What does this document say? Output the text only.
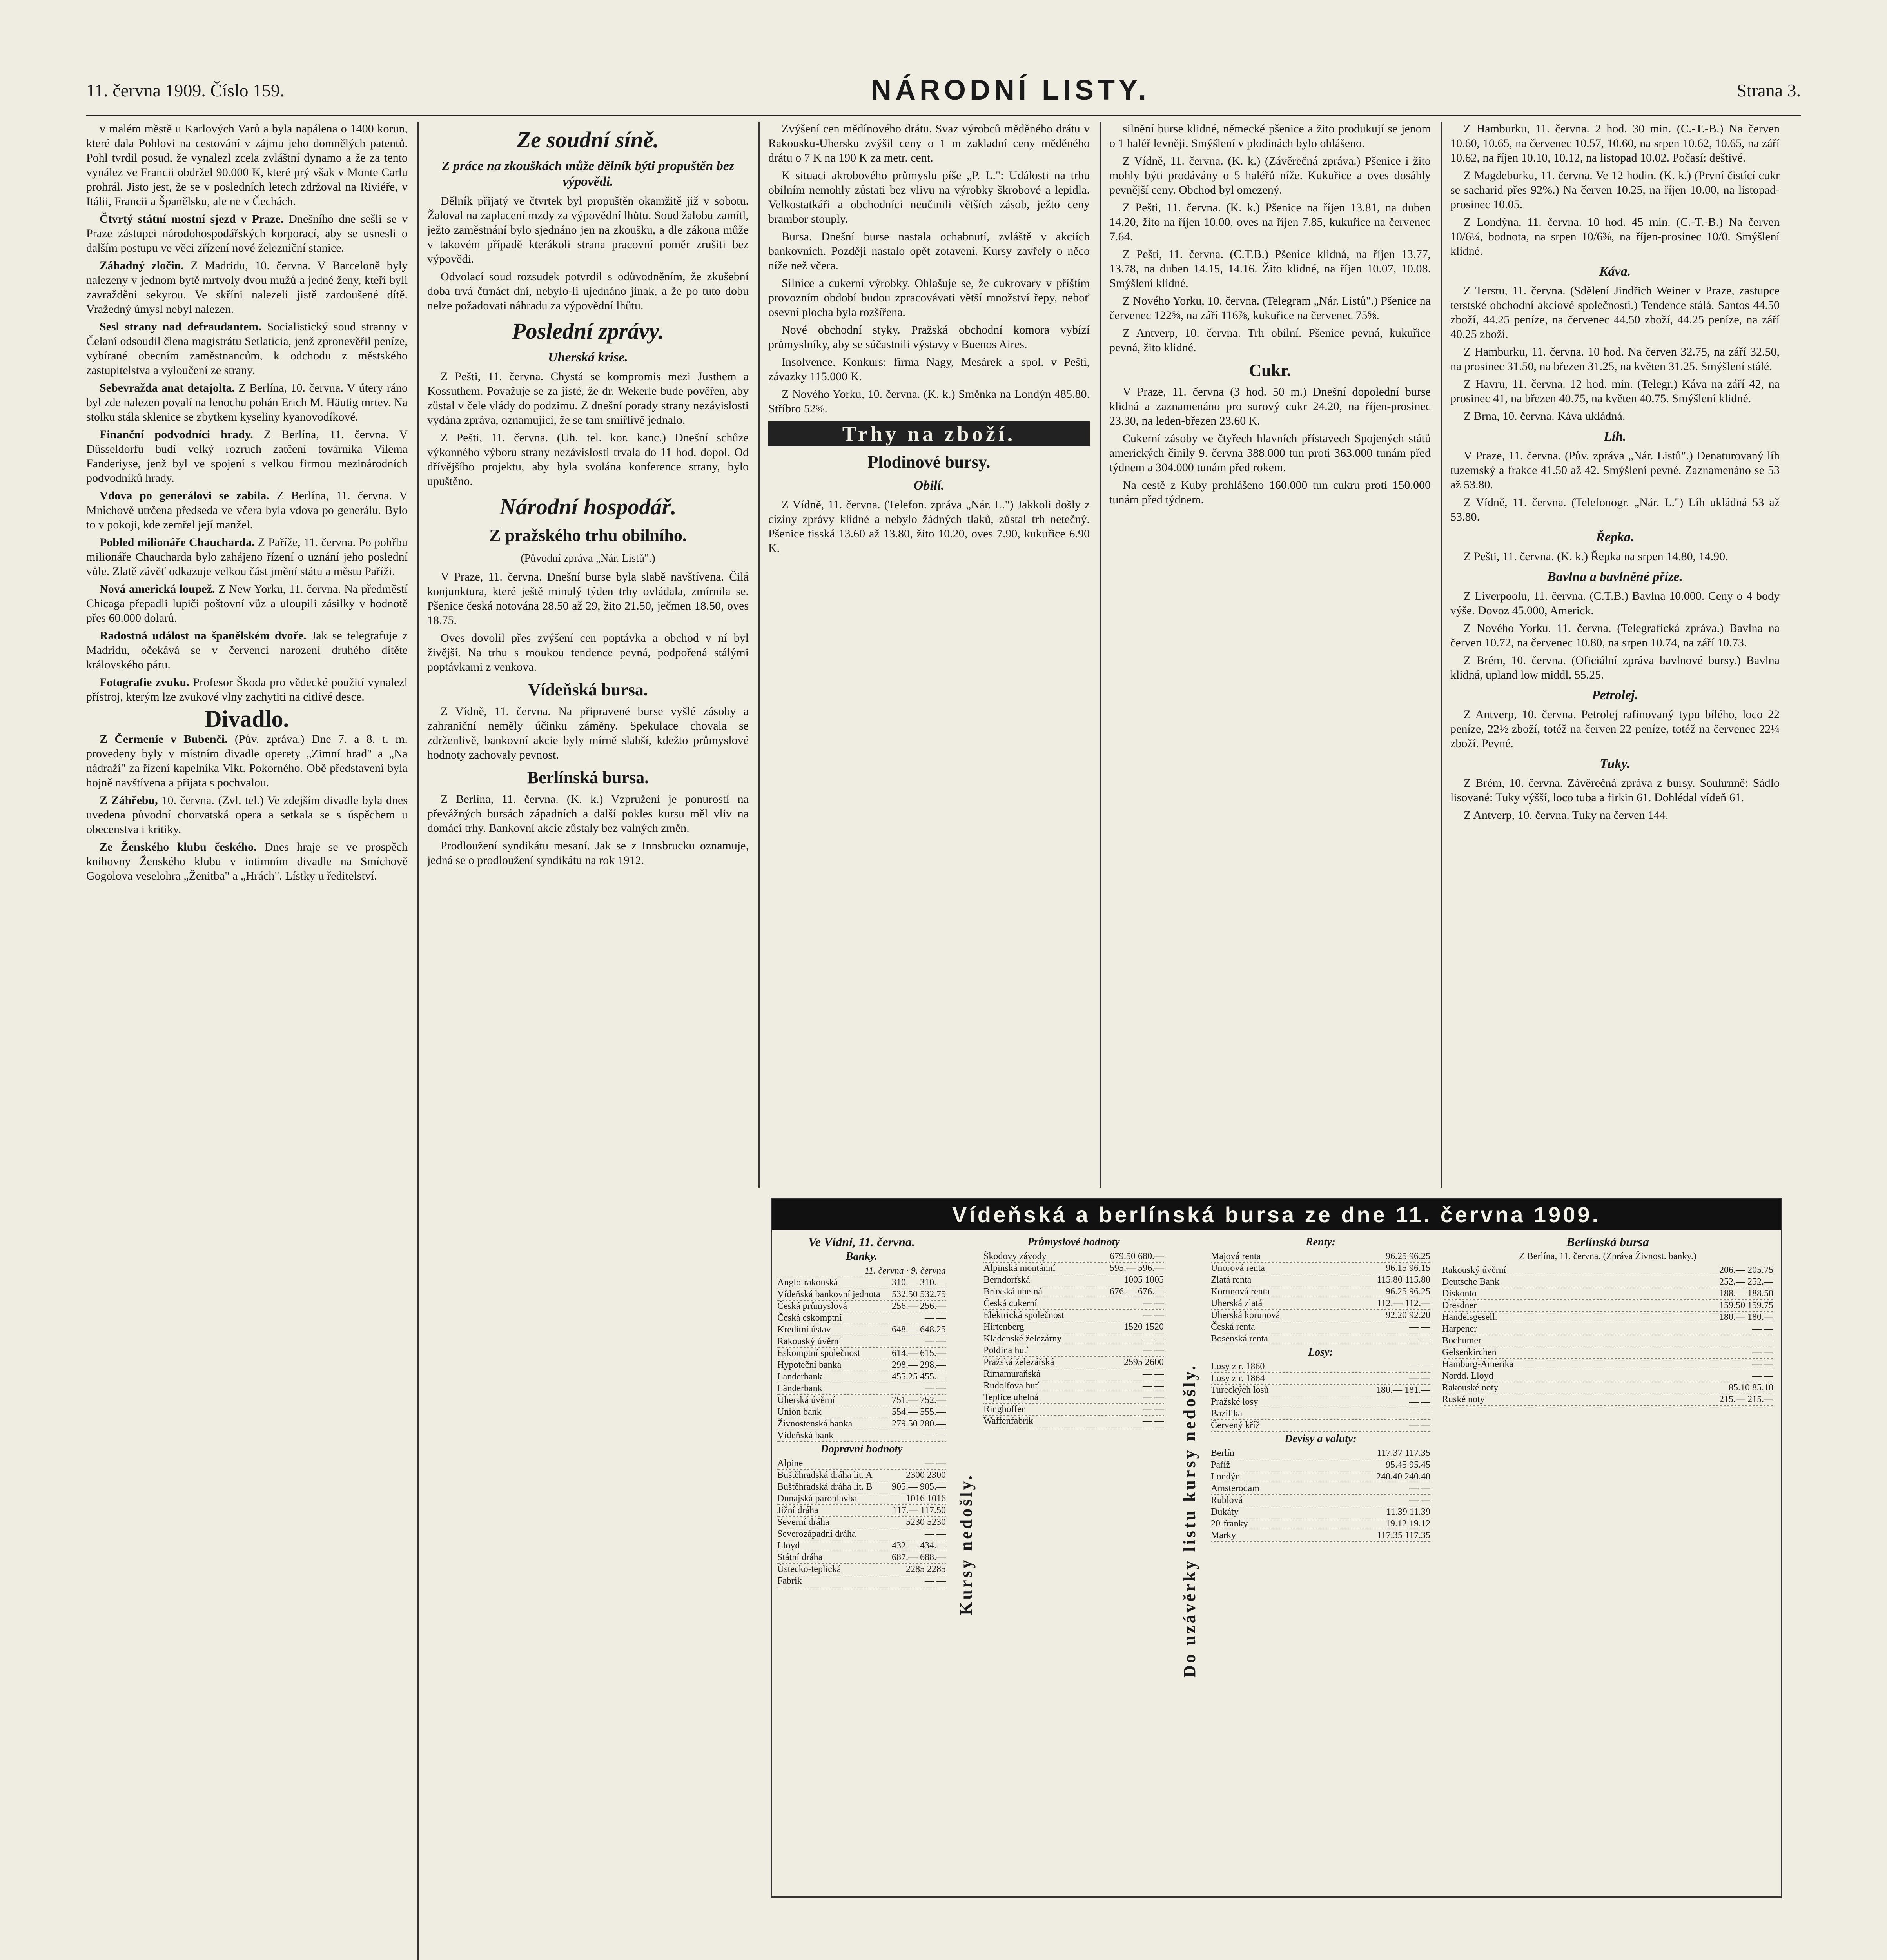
11. června 1909. Číslo 159.	NÁRODNÍ LISTY.	Strana 3.

v malém městě u Karlových Varů a byla napálena o 1400 korun, které dala Pohlovi na cestování v zájmu jeho domnělých patentů. Pohl tvrdil posud, že vynalezl zcela zvláštní dynamo a že za tento vynález ve Francii obdržel 90.000 K, které prý však v Monte Carlu prohrál. Jisto jest, že se v posledních letech zdržoval na Riviéře, v Itálii, Francii a Španělsku, ale ne v Čechách.

Čtvrtý státní mostní sjezd v Praze. Dnešního dne sešli se v Praze zástupci národohospodářských korporací, aby se usnesli o dalším postupu ve věci zřízení nové železniční stanice.

Záhadný zločin. Z Madridu, 10. června. V Barceloně byly nalezeny v jednom bytě mrtvoly dvou mužů a jedné ženy, kteří byli zavražděni sekyrou. Ve skříni nalezeli jistě zardoušené dítě. Vražedný úmysl nebyl nalezen.

Sesl strany nad defraudantem. Socialistický soud stranny v Čelaní odsoudil člena magistrátu Setlaticia, jenž zpronevěřil peníze, vybírané obecním zaměstnancům, k odchodu z městského zastupitelstva a vyloučení ze strany.

Sebevražda anat detajolta. Z Berlína, 10. června. V útery ráno byl zde nalezen povalí na lenochu pohán Erich M. Häutig mrtev. Na stolku stála sklenice se zbytkem kyseliny kyanovodíkové.

Finanční podvodníci hrady. Z Berlína, 11. června. V Düsseldorfu budí velký rozruch zatčení továrníka Vilema Fanderiyse, jenž byl ve spojení s velkou firmou mezinárodních podvodníků hrady.

Vdova po generálovi se zabila. Z Berlína, 11. června. V Mnichově utrčena předseda ve včera byla vdova po generálu. Bylo to v pokoji, kde zemřel její manžel.

Pobled milionáře Chaucharda. Z Paříže, 11. června. Po pohřbu milionáře Chaucharda bylo zahájeno řízení o uznání jeho poslední vůle. Zlatě závěť odkazuje velkou část jmění státu a městu Paříži.

Nová americká loupež. Z New Yorku, 11. června. Na předměstí Chicaga přepadli lupiči poštovní vůz a uloupili zásilky v hodnotě přes 60.000 dolarů.

Radostná událost na španělském dvoře. Jak se telegrafuje z Madridu, očekává se v červenci narození druhého dítěte královského páru.

Fotografie zvuku. Profesor Škoda pro vědecké použití vynalezl přístroj, kterým lze zvukové vlny zachytiti na citlivé desce.

Divadlo.

Z Čermenie v Bubenči. (Pův. zpráva.) Dne 7. a 8. t. m. provedeny byly v místním divadle operety „Zimní hrad" a „Na nádraží" za řízení kapelníka Vikt. Pokorného. Obě představení byla hojně navštívena a přijata s pochvalou.

Z Záhřebu, 10. června. (Zvl. tel.) Ve zdejším divadle byla dnes uvedena původní chorvatská opera a setkala se s úspěchem u obecenstva i kritiky.

Ze Ženského klubu českého. Dnes hraje se ve prospěch knihovny Ženského klubu v intimním divadle na Smíchově Gogolova veselohra „Ženitba" a „Hrách". Lístky u ředitelství.

Ze soudní síně.
Z práce na zkouškách může dělník býti propuštěn bez výpovědi.

Dělník přijatý ve čtvrtek byl propuštěn okamžitě již v sobotu. Žaloval na zaplacení mzdy za výpovědní lhůtu. Soud žalobu zamítl, ježto zaměstnání bylo sjednáno jen na zkoušku, a dle zákona může v takovém případě kterákoli strana pracovní poměr zrušiti bez výpovědi.

Odvolací soud rozsudek potvrdil s odůvodněním, že zkušební doba trvá čtrnáct dní, nebylo-li ujednáno jinak, a že po tuto dobu nelze požadovati náhradu za výpovědní lhůtu.

Poslední zprávy.
Uherská krise.

Z Pešti, 11. června. Chystá se kompromis mezi Justhem a Kossuthem. Považuje se za jisté, že dr. Wekerle bude pověřen, aby zůstal v čele vlády do podzimu. Z dnešní porady strany nezávislosti vydána zpráva, oznamující, že se tam smířlivě jednalo.

Z Pešti, 11. června. (Uh. tel. kor. kanc.) Dnešní schůze výkonného výboru strany nezávislosti trvala do 11 hod. dopol. Od dřívějšího projektu, aby byla svolána konference strany, bylo upuštěno.

Národní hospodář.
Z pražského trhu obilního.
(Původní zpráva „Nár. Listů".)

V Praze, 11. června. Dnešní burse byla slabě navštívena. Čilá konjunktura, které ještě minulý týden trhy ovládala, zmírnila se. Pšenice česká notována 28.50 až 29, žito 21.50, ječmen 18.50, oves 18.75.

Oves dovolil přes zvýšení cen poptávka a obchod v ní byl živější. Na trhu s moukou tendence pevná, podpořená stálými poptávkami z venkova.

Vídeňská bursa.

Z Vídně, 11. června. Na připravené burse vyšlé zásoby a zahraniční neměly účinku záměny. Spekulace chovala se zdrženlivě, bankovní akcie byly mírně slabší, kdežto průmyslové hodnoty zachovaly pevnost.

Berlínská bursa.

Z Berlína, 11. června. (K. k.) Vzpruženi je ponurostí na převážných bursách západních a další pokles kursu měl vliv na domácí trhy. Bankovní akcie zůstaly bez valných změn.

Prodloužení syndikátu mesaní. Jak se z Innsbrucku oznamuje, jedná se o prodloužení syndikátu na rok 1912.

Zvýšení cen mědínového drátu. Svaz výrobců měděného drátu v Rakousku-Uhersku zvýšil ceny o 1 m zakladní ceny měděného drátu o 7 K na 190 K za metr. cent.

K situaci akrobového průmyslu píše „P. L.": Události na trhu obilním nemohly zůstati bez vlivu na výrobky škrobové a lepidla. Velkostatkáři a obchodníci neučinili větších zásob, ježto ceny brambor stouply.

Bursa. Dnešní burse nastala ochabnutí, zvláště v akciích bankovních. Později nastalo opět zotavení. Kursy zavřely o něco níže než včera.

Silnice a cukerní výrobky. Ohlašuje se, že cukrovary v příštím provozním období budou zpracovávati větší množství řepy, neboť osevní plocha byla rozšířena.

Nové obchodní styky. Pražská obchodní komora vybízí průmyslníky, aby se súčastnili výstavy v Buenos Aires.

Insolvence. Konkurs: firma Nagy, Mesárek a spol. v Pešti, závazky 115.000 K.

Z Nového Yorku, 10. června. (K. k.) Směnka na Londýn 485.80. Stříbro 52⅝.

Trhy na zboží.
Plodinové bursy.
Obilí.

Z Vídně, 11. června. (Telefon. zpráva „Nár. L.") Jakkoli došly z ciziny zprávy klidné a nebylo žádných tlaků, zůstal trh netečný. Pšenice tisská 13.60 až 13.80, žito 10.20, oves 7.90, kukuřice 6.90 K.

silnění burse klidné, německé pšenice a žito produkují se jenom o 1 haléř levněji. Smýšlení v plodinách bylo ohlášeno.

Z Vídně, 11. června. (K. k.) (Závěrečná zpráva.) Pšenice i žito mohly býti prodávány o 5 haléřů níže. Kukuřice a oves dosáhly pevnější ceny. Obchod byl omezený.

Z Pešti, 11. června. (K. k.) Pšenice na říjen 13.81, na duben 14.20, žito na říjen 10.00, oves na říjen 7.85, kukuřice na červenec 7.64.

Z Pešti, 11. června. (C.T.B.) Pšenice klidná, na říjen 13.77, 13.78, na duben 14.15, 14.16. Žito klidné, na říjen 10.07, 10.08. Smýšlení klidné.

Z Nového Yorku, 10. června. (Telegram „Nár. Listů".) Pšenice na červenec 122⅝, na září 116⅞, kukuřice na červenec 75⅝.

Z Antverp, 10. června. Trh obilní. Pšenice pevná, kukuřice pevná, žito klidné.

Cukr.

V Praze, 11. června (3 hod. 50 m.) Dnešní dopolední burse klidná a zaznamenáno pro surový cukr 24.20, na říjen-prosinec 23.30, na leden-březen 23.60 K.

Cukerní zásoby ve čtyřech hlavních přístavech Spojených států amerických činily 9. června 388.000 tun proti 363.000 tunám před týdnem a 304.000 tunám před rokem.

Na cestě z Kuby prohlášeno 160.000 tun cukru proti 150.000 tunám před týdnem.

Z Hamburku, 11. června. 2 hod. 30 min. (C.-T.-B.) Na červen 10.60, 10.65, na červenec 10.57, 10.60, na srpen 10.62, 10.65, na září 10.62, na říjen 10.10, 10.12, na listopad 10.02. Počasí: deštivé.

Z Magdeburku, 11. června. Ve 12 hodin. (K. k.) (První čistící cukr se sacharid přes 92%.) Na červen 10.25, na říjen 10.00, na listopad-prosinec 10.05.

Z Londýna, 11. června. 10 hod. 45 min. (C.-T.-B.) Na červen 10/6¼, bodnota, na srpen 10/6⅜, na říjen-prosinec 10/0. Smýšlení klidné.

Káva.

Z Terstu, 11. června. (Sdělení Jindřich Weiner v Praze, zastupce terstské obchodní akciové společnosti.) Tendence stálá. Santos 44.50 zboží, 44.25 peníze, na červenec 44.50 zboží, 44.25 peníze, na září 40.25 zboží.

Z Hamburku, 11. června. 10 hod. Na červen 32.75, na září 32.50, na prosinec 31.50, na březen 31.25, na květen 31.25. Smýšlení stálé.

Z Havru, 11. června. 12 hod. min. (Telegr.) Káva na září 42, na prosinec 41, na březen 40.75, na květen 40.75. Smýšlení klidné.

Z Brna, 10. června. Káva ukládná.

Líh.

V Praze, 11. června. (Pův. zpráva „Nár. Listů".) Denaturovaný líh tuzemský a frakce 41.50 až 42. Smýšlení pevné. Zaznamenáno se 53 až 53.80.

Z Vídně, 11. června. (Telefonogr. „Nár. L.") Líh ukládná 53 až 53.80.

Řepka.

Z Pešti, 11. června. (K. k.) Řepka na srpen 14.80, 14.90.

Bavlna a bavlněné příze.

Z Liverpoolu, 11. června. (C.T.B.) Bavlna 10.000. Ceny o 4 body výše. Dovoz 45.000, Americk.

Z Nového Yorku, 11. června. (Telegrafická zpráva.) Bavlna na červen 10.72, na červenec 10.80, na srpen 10.74, na září 10.73.

Z Brém, 10. června. (Oficiální zpráva bavlnové bursy.) Bavlna klidná, upland low middl. 55.25.

Petrolej.

Z Antverp, 10. června. Petrolej rafinovaný typu bílého, loco 22 peníze, 22½ zboží, totéž na červen 22 peníze, totéž na červenec 22¼ zboží. Pevné.

Tuky.

Z Brém, 10. června. Závěrečná zpráva z bursy. Souhrnně: Sádlo lisované: Tuky výšší, loco tuba a firkin 61. Dohlédal vídeň 61.

Z Antverp, 10. června. Tuky na červen 144.

Vídeňská a berlínská bursa ze dne 11. června 1909.
Ve Vídni, 11. června.
Banky.
11. června · 9. června
Anglo-rakouská	310.— 310.—
Vídeňská bankovní jednota 532.50 532.75
Česká průmyslová	256.— 256.—
Česká eskomptní	— —
Kreditní ústav	648.— 648.25
Rakouský úvěrní	— —
Eskomptní společnost	614.— 615.—
Hypoteční banka	298.— 298.—
Landerbank	455.25 455.—
Länderbank	— —
Uherská úvěrní	751.— 752.—
Union bank	554.— 555.—
Živnostenská banka	279.50 280.—
Vídeňská bank	— —
Dopravní hodnoty
Alpine	— —
Buštěhradská dráha lit. A	2300 2300
Buštěhradská dráha lit. B 905.— 905.—
Dunajská paroplavba	1016 1016
Jižní dráha	117.— 117.50
Severní dráha	5230 5230
Severozápadní dráha	— —
Lloyd	432.— 434.—
Státní dráha	687.— 688.—
Ústecko-teplická	2285 2285
Fabrik	— — Kursy nedošly.
Průmyslové hodnoty
Škodovy závody	679.50 680.—
Alpinská montánní	595.— 596.—
Berndorfská	1005 1005
Brüxská uhelná	676.— 676.—
Česká cukerní	— —
Elektrická společnost	— —
Hirtenberg	1520 1520
Kladenské železárny	— —
Poldina huť	— —
Pražská železářská	2595 2600
Rimamuraňská	— —
Rudolfova huť	— —
Teplice uhelná	— —
Ringhoffer	— —
Waffenfabrik	— — Do uzávěrky listu kursy nedošly.
Renty:
Majová renta	96.25 96.25
Únorová renta	96.15 96.15
Zlatá renta	115.80 115.80
Korunová renta	96.25 96.25
Uherská zlatá	112.— 112.—
Uherská korunová	92.20 92.20
Česká renta	— —
Bosenská renta	— —
Losy:
Losy z r. 1860	— —
Losy z r. 1864	— —
Tureckých losů	180.— 181.—
Pražské losy	— —
Bazilika	— —
Červený kříž	— —
Devisy a valuty:
Berlín	117.37 117.35
Paříž	95.45 95.45
Londýn	240.40 240.40
Amsterodam	— —
Rublová	— —
Dukáty	11.39 11.39
20-franky	19.12 19.12
Marky	117.35 117.35
Berlínská bursa
Z Berlína, 11. června. (Zpráva Živnost. banky.)
Rakouský úvěrní	206.— 205.75
Deutsche Bank	252.— 252.—
Diskonto	188.— 188.50
Dresdner	159.50 159.75
Handelsgesell.	180.— 180.—
Harpener	— —
Bochumer	— —
Gelsenkirchen	— —
Hamburg-Amerika	— —
Nordd. Lloyd	— —
Rakouské noty	85.10 85.10
Ruské noty	215.— 215.—
